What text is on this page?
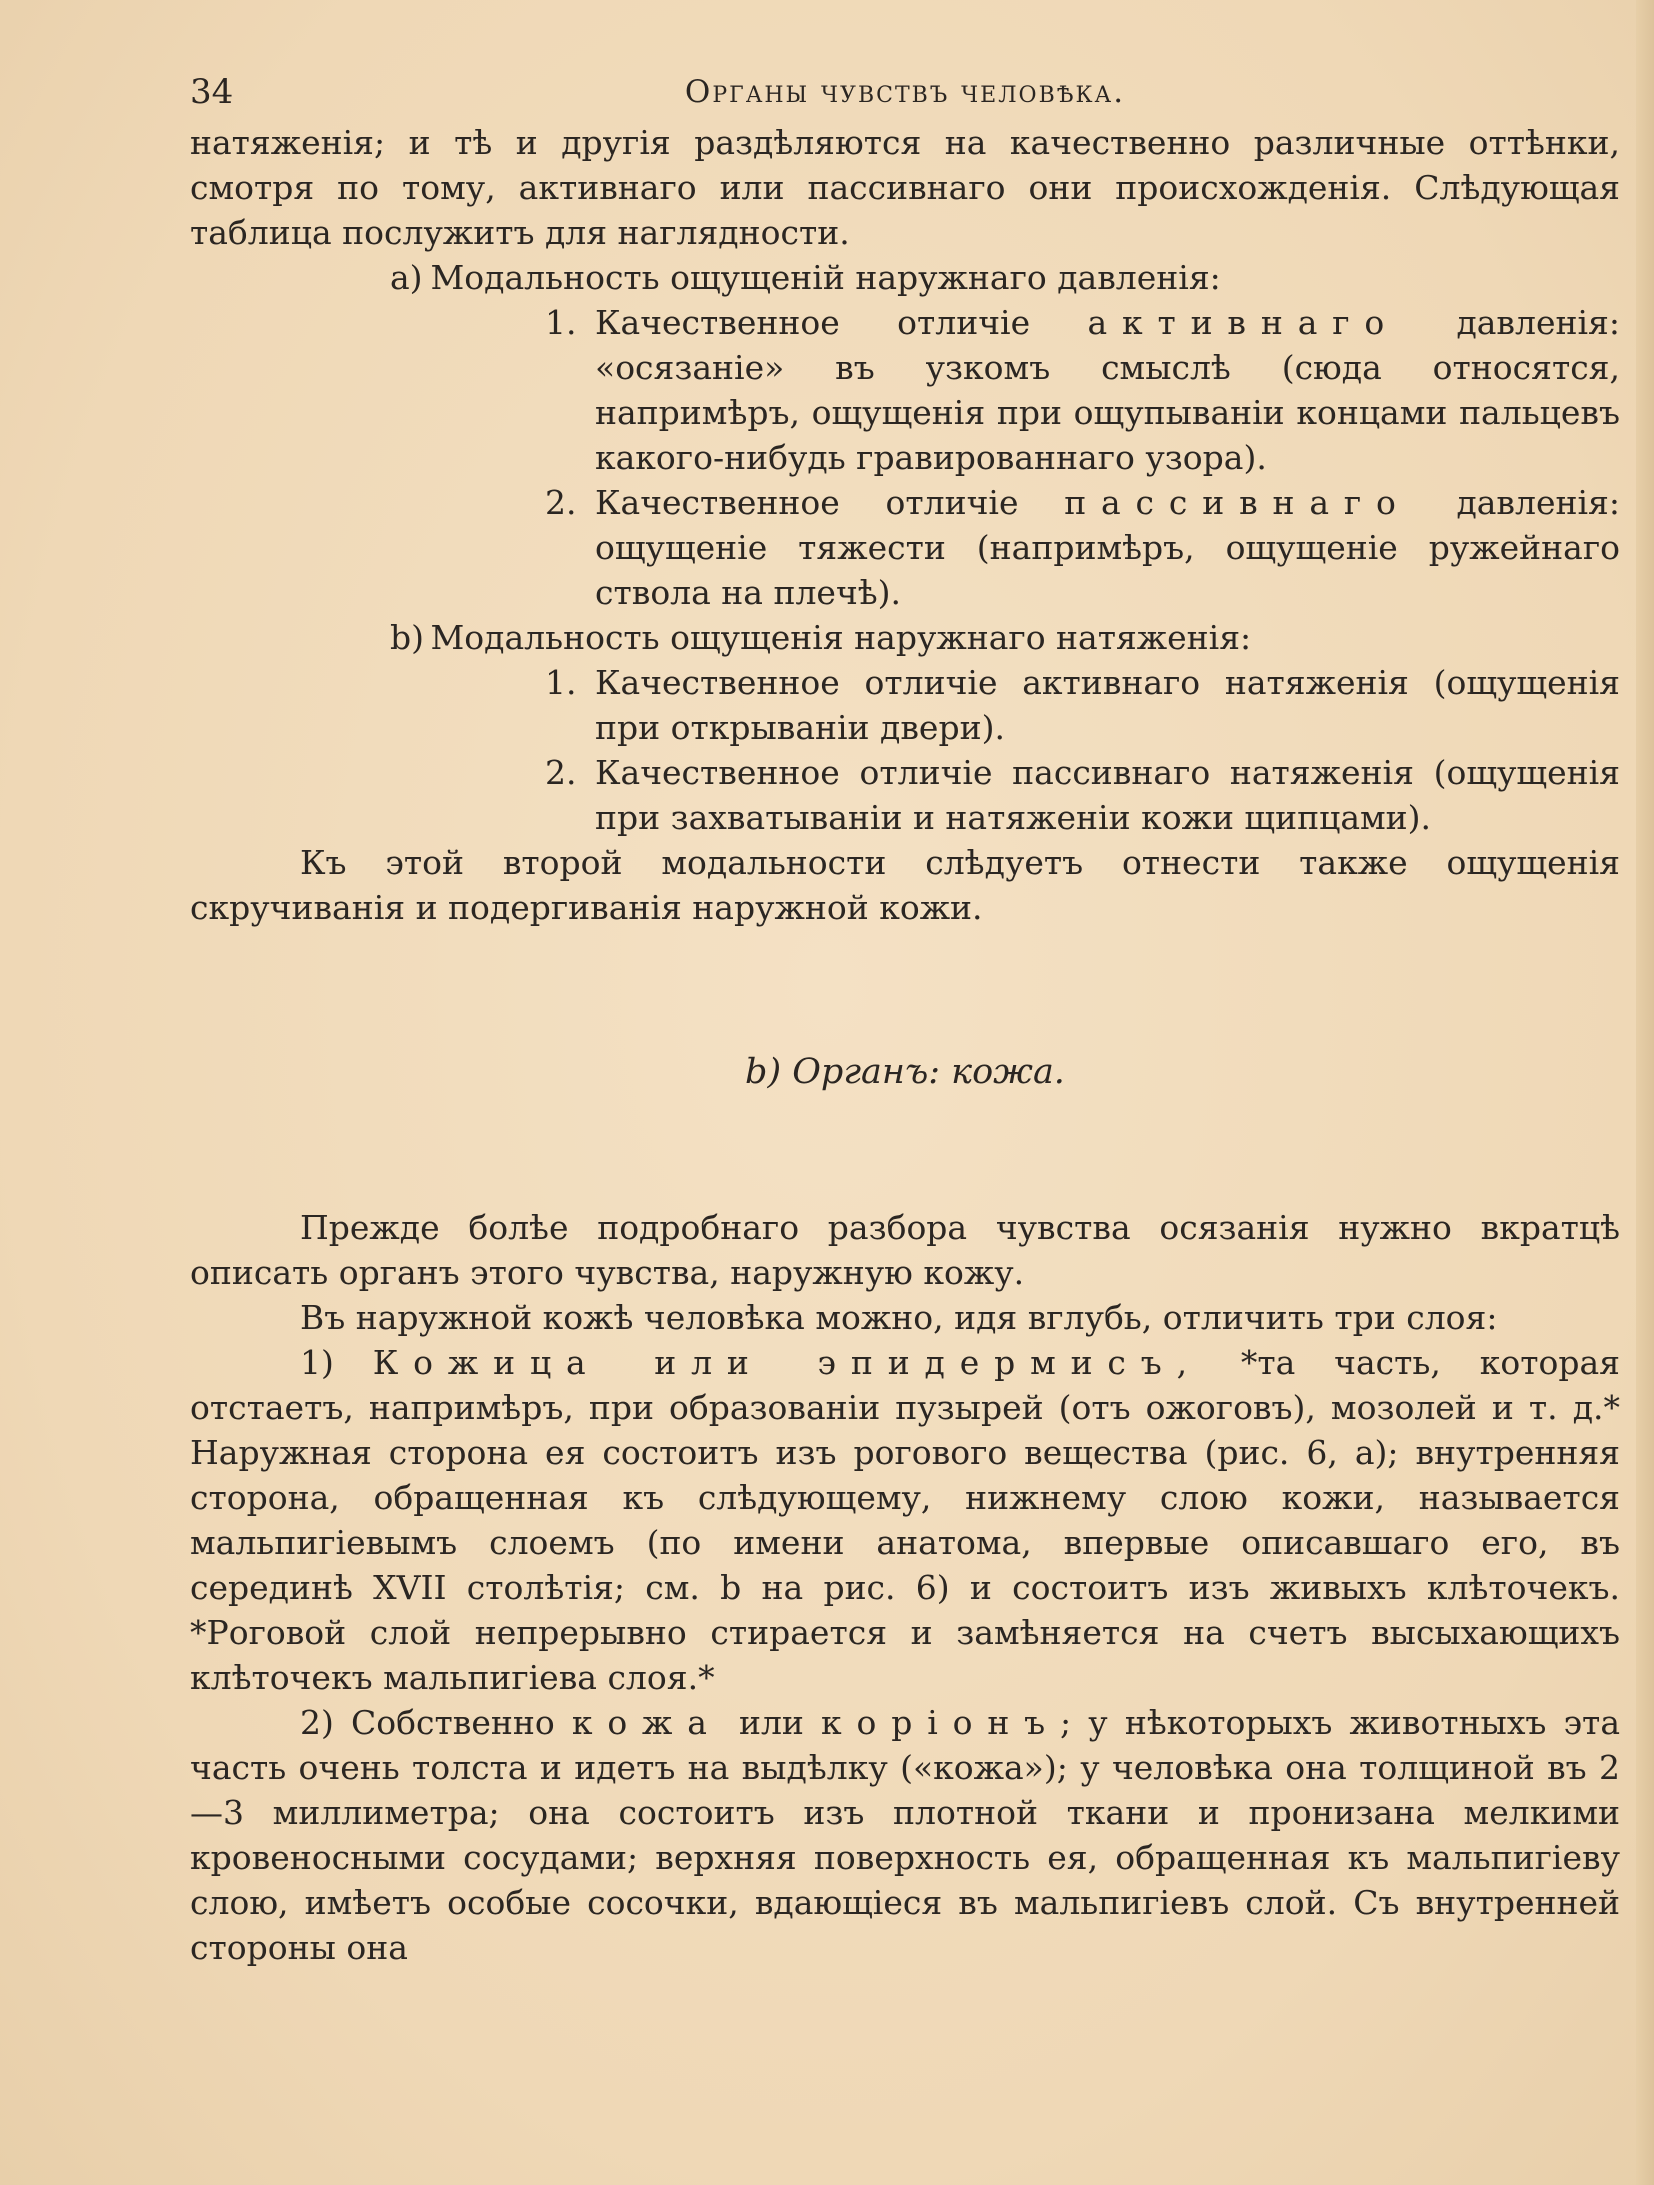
34	Органы чувствъ человѣка.

натяженія; и тѣ и другія раздѣляются на качественно различные оттѣнки, смотря по тому, активнаго или пассивнаго они происхожденія. Слѣдующая таблица послужитъ для наглядности.

a) Модальность ощущеній наружнаго давленія:

1. Качественное отличіе активнаго давленія: «осязаніе» въ узкомъ смыслѣ (сюда относятся, напримѣръ, ощущенія при ощупываніи концами пальцевъ какого-нибудь гравированнаго узора).

2. Качественное отличіе пассивнаго давленія: ощущеніе тяжести (напримѣръ, ощущеніе ружейнаго ствола на плечѣ).

b) Модальность ощущенія наружнаго натяженія:

1. Качественное отличіе активнаго натяженія (ощущенія при открываніи двери).

2. Качественное отличіе пассивнаго натяженія (ощущенія при захватываніи и натяженіи кожи щипцами).

Къ этой второй модальности слѣдуетъ отнести также ощущенія скручиванія и подергиванія наружной кожи.

b) Органъ: кожа.

Прежде болѣе подробнаго разбора чувства осязанія нужно вкратцѣ описать органъ этого чувства, наружную кожу.

Въ наружной кожѣ человѣка можно, идя вглубь, отличить три слоя:

1) Кожица или эпидермисъ, *та часть, которая отстаетъ, напримѣръ, при образованіи пузырей (отъ ожоговъ), мозолей и т. д.* Наружная сторона ея состоитъ изъ рогового вещества (рис. 6, a); внутренняя сторона, обращенная къ слѣдующему, нижнему слою кожи, называется мальпигіевымъ слоемъ (по имени анатома, впервые описавшаго его, въ серединѣ XVII столѣтія; см. b на рис. 6) и состоитъ изъ живыхъ клѣточекъ. *Роговой слой непрерывно стирается и замѣняется на счетъ высыхающихъ клѣточекъ мальпигіева слоя.*

2) Собственно кожа или коріонъ; у нѣкоторыхъ животныхъ эта часть очень толста и идетъ на выдѣлку («кожа»); у человѣка она толщиной въ 2—3 миллиметра; она состоитъ изъ плотной ткани и пронизана мелкими кровеносными сосудами; верхняя поверхность ея, обращенная къ мальпигіеву слою, имѣетъ особые сосочки, вдающіеся въ мальпигіевъ слой. Съ внутренней стороны она
